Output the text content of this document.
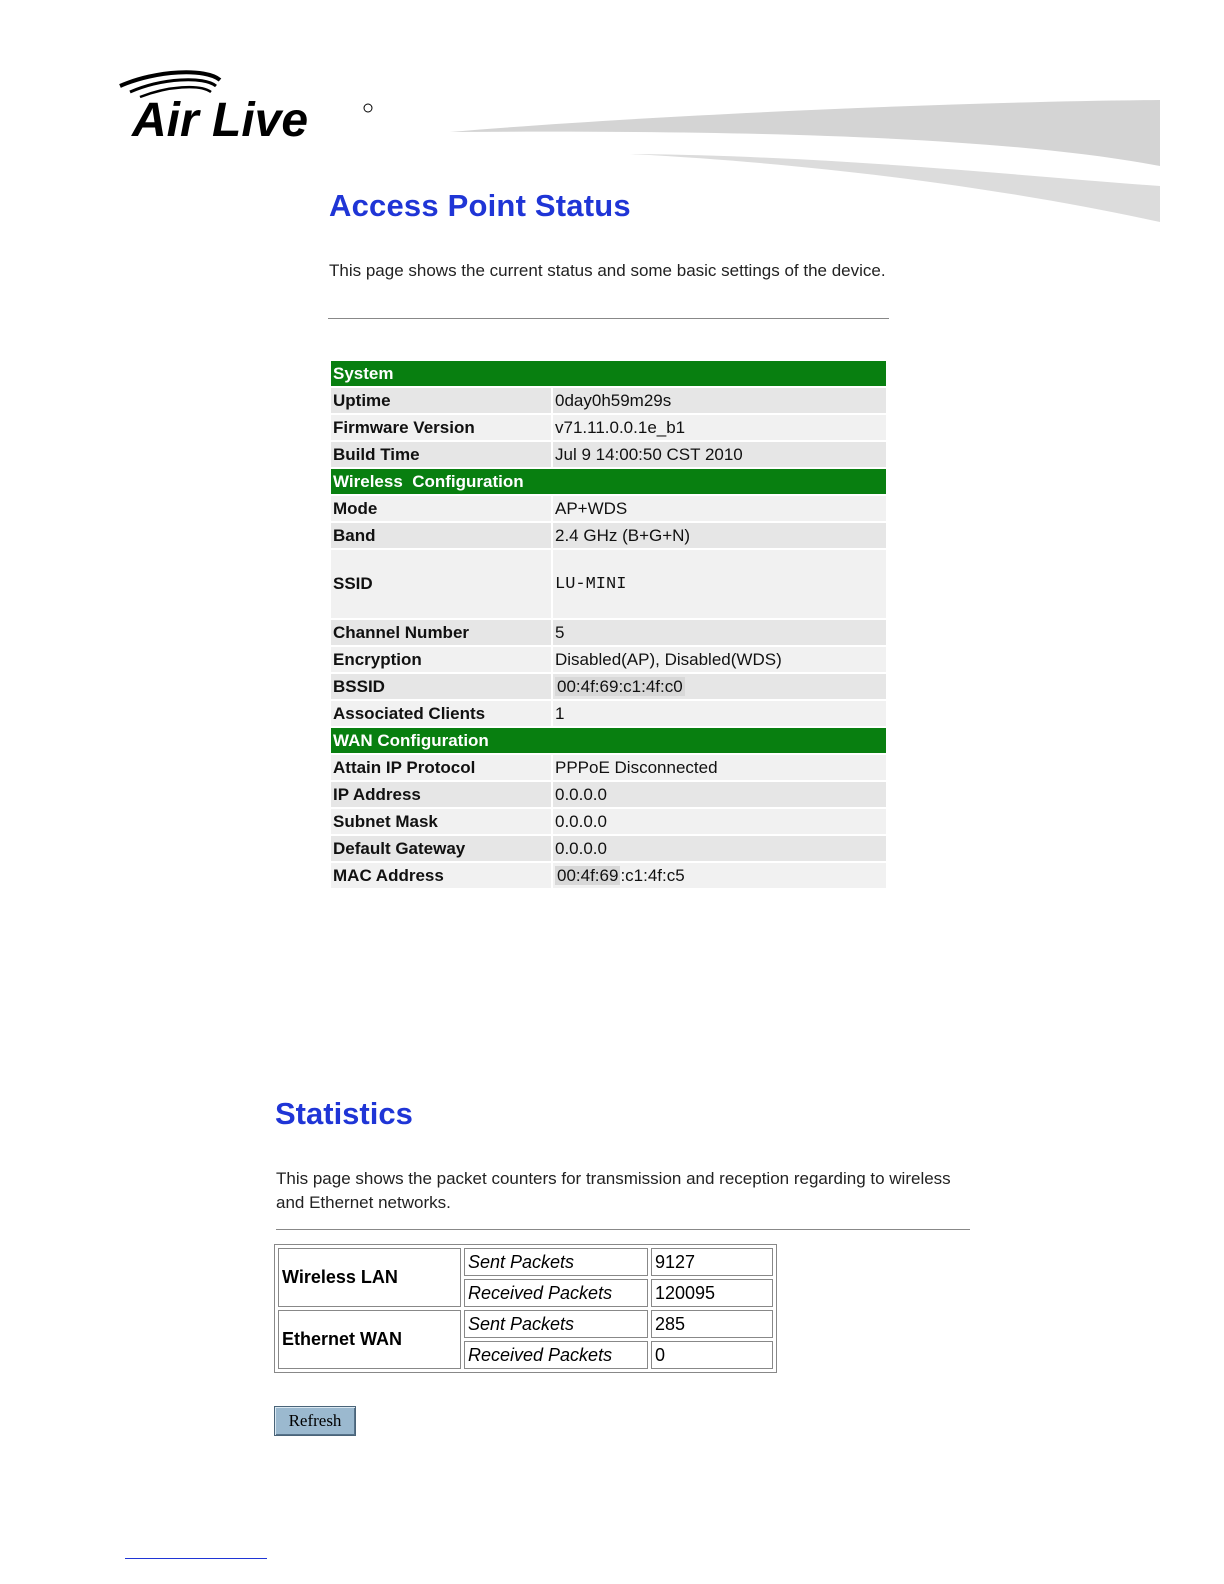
Air Live
Access Point Status
This page shows the current status and some basic settings of the device.
System	
Uptime	0day0h59m29s
Firmware Version	v71.11.0.0.1e_b1
Build Time	Jul 9 14:00:50 CST 2010
Wireless  Configuration	
Mode	AP+WDS
Band	2.4 GHz (B+G+N)
SSID	LU-MINI
Channel Number	5
Encryption	Disabled(AP), Disabled(WDS)
BSSID	00:4f:69:c1:4f:c0
Associated Clients	1
WAN Configuration	
Attain IP Protocol	PPPoE Disconnected
IP Address	0.0.0.0
Subnet Mask	0.0.0.0
Default Gateway	0.0.0.0
MAC Address	00:4f:69 :c1:4f:c5
Statistics
This page shows the packet counters for transmission and reception regarding to wireless and Ethernet networks.
Wireless LAN	Sent Packets	9127
	Received Packets	120095
Ethernet WAN	Sent Packets	285
	Received Packets	0
Refresh
